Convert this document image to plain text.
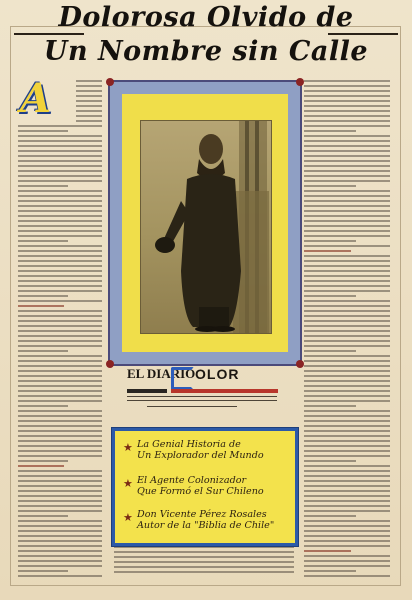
Dolorosa Olvido de
Un Nombre sin Calle
A
EL DIARIO OLOR
★ La Genial Historia de
Un Explorador del Mundo
★ El Agente Colonizador
Que Formó el Sur Chileno
★ Don Vicente Pérez Rosales
Autor de la "Biblia de Chile"
